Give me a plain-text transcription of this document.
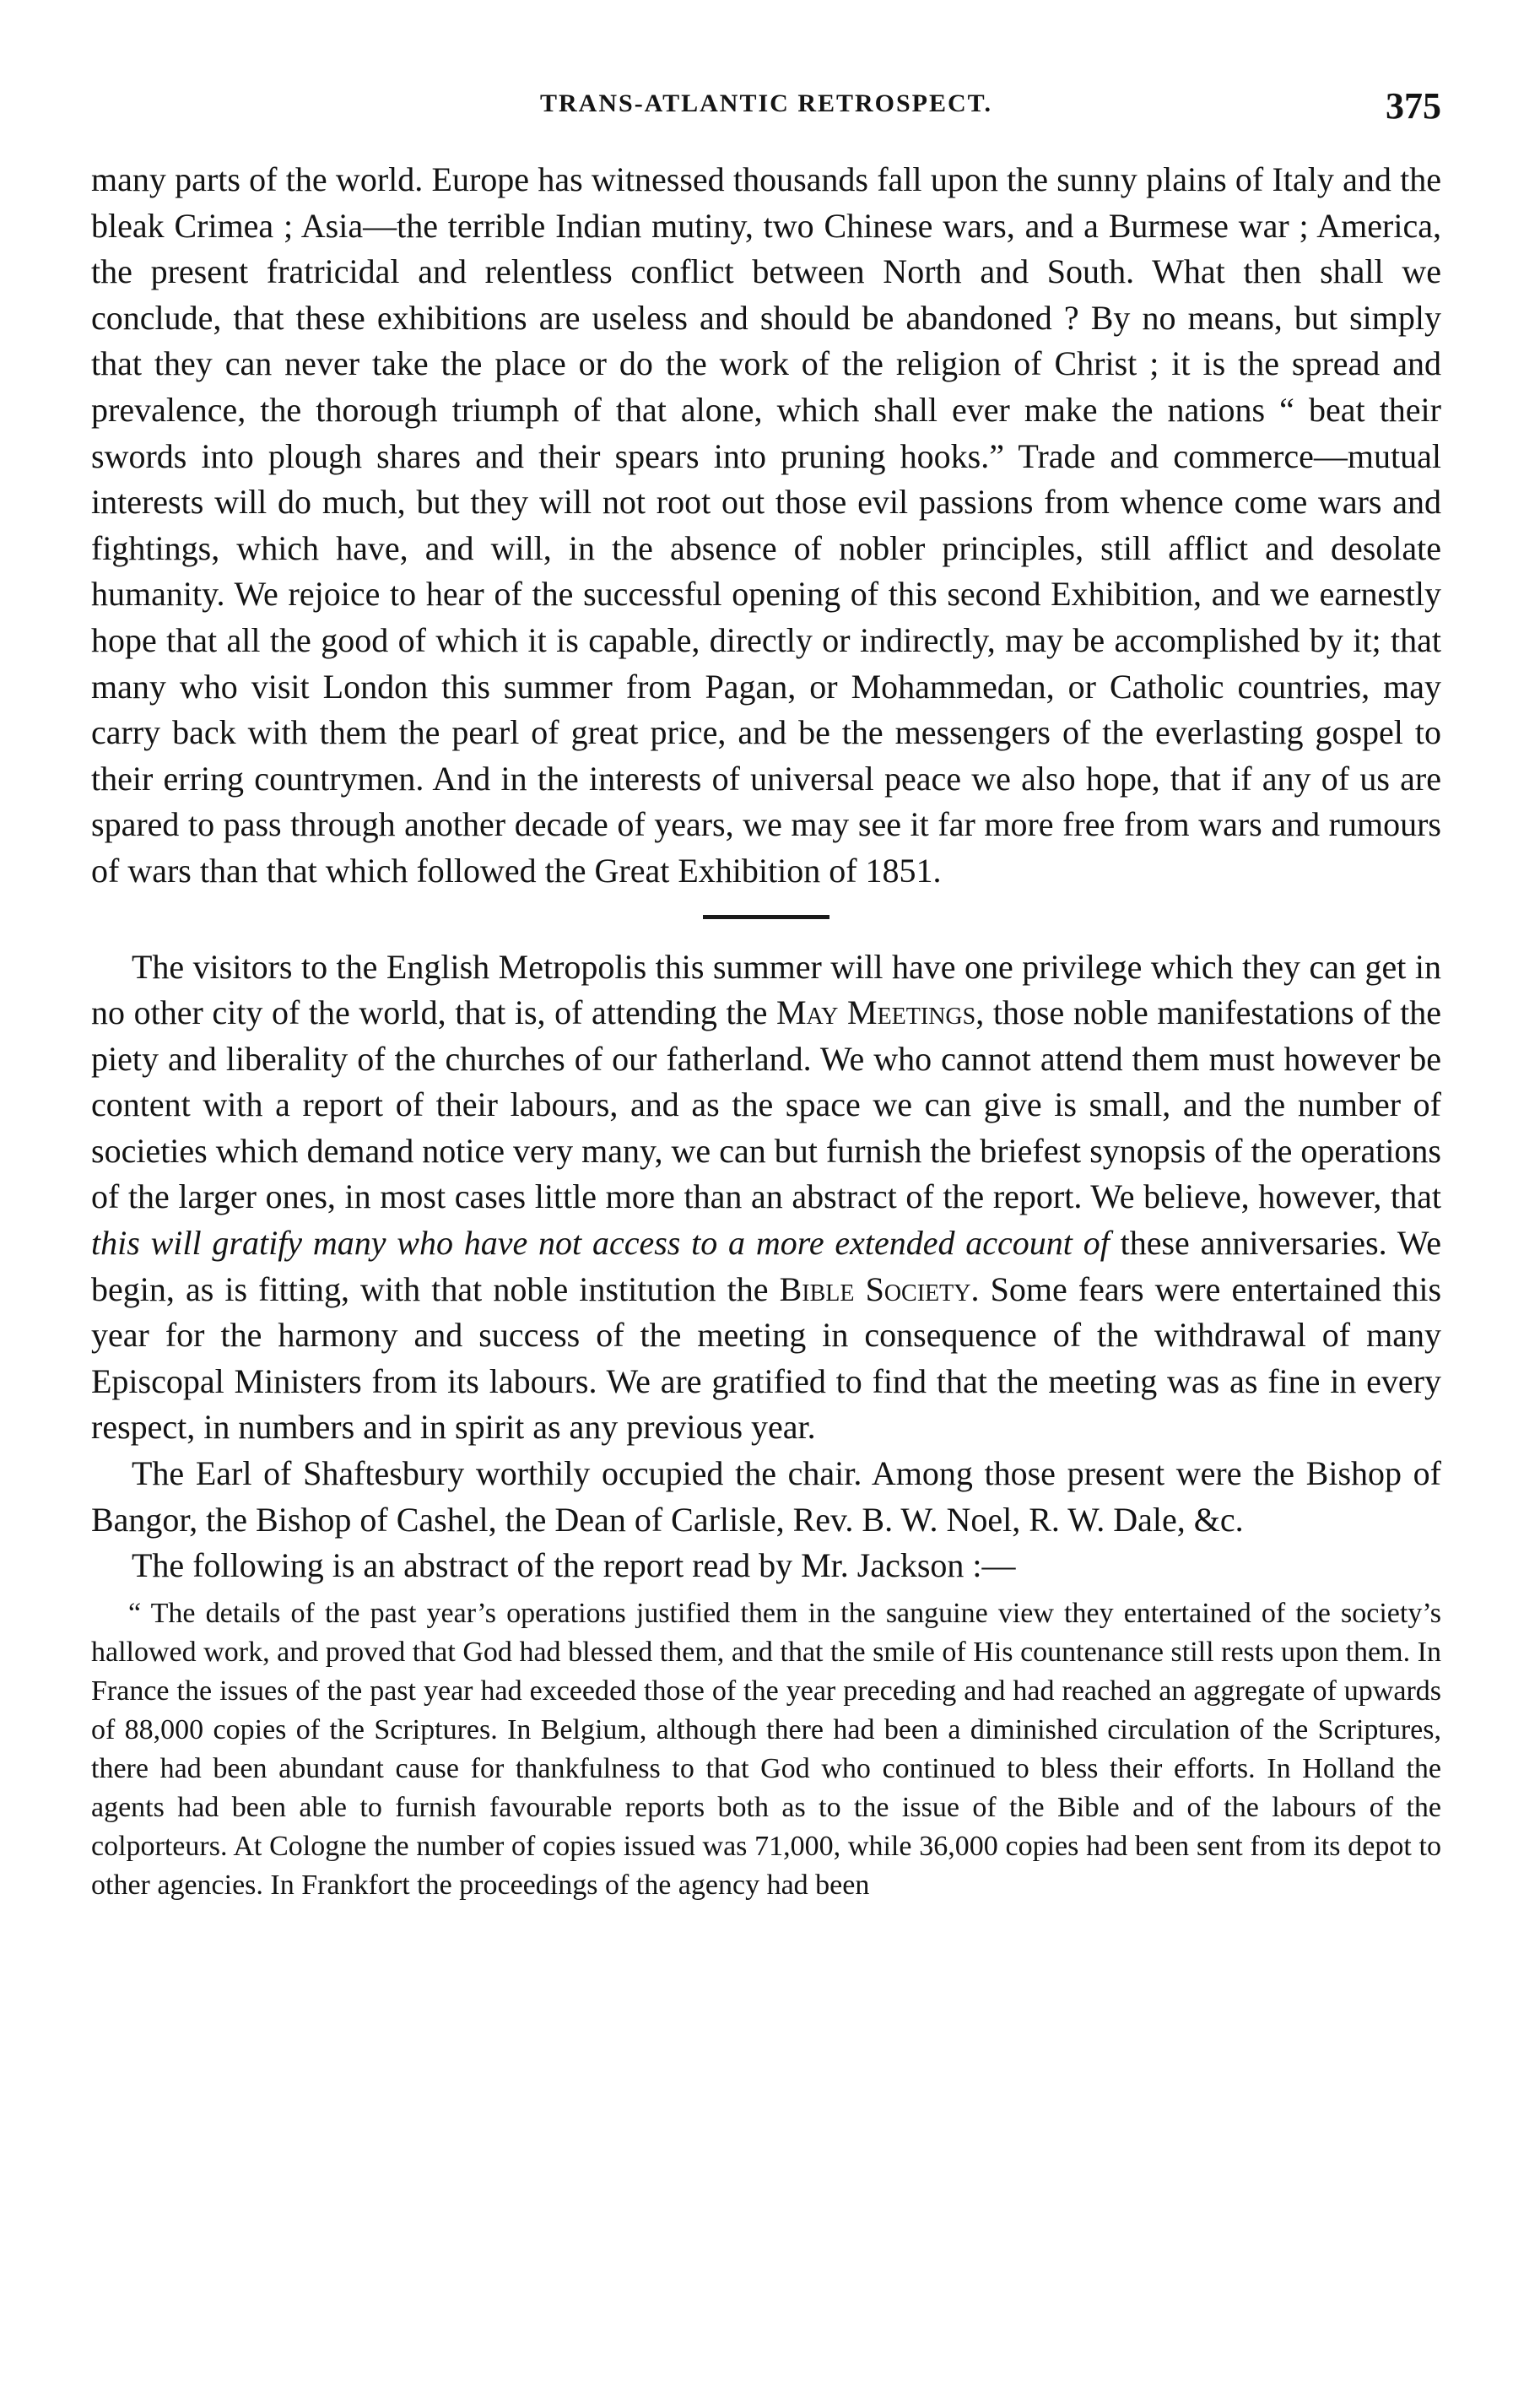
TRANS-ATLANTIC RETROSPECT.	375

many parts of the world. Europe has witnessed thousands fall upon the sunny plains of Italy and the bleak Crimea ; Asia—the terrible Indian mutiny, two Chinese wars, and a Burmese war ; America, the present fratricidal and relentless conflict between North and South. What then shall we conclude, that these exhibitions are useless and should be abandoned ? By no means, but simply that they can never take the place or do the work of the religion of Christ ; it is the spread and prevalence, the thorough triumph of that alone, which shall ever make the nations “ beat their swords into plough shares and their spears into pruning hooks.” Trade and commerce—mutual interests will do much, but they will not root out those evil passions from whence come wars and fightings, which have, and will, in the absence of nobler principles, still afflict and desolate humanity. We rejoice to hear of the successful opening of this second Exhibition, and we earnestly hope that all the good of which it is capable, directly or indirectly, may be accomplished by it; that many who visit London this summer from Pagan, or Mohammedan, or Catholic countries, may carry back with them the pearl of great price, and be the messengers of the everlasting gospel to their erring countrymen. And in the interests of universal peace we also hope, that if any of us are spared to pass through another decade of years, we may see it far more free from wars and rumours of wars than that which followed the Great Exhibition of 1851.

The visitors to the English Metropolis this summer will have one privilege which they can get in no other city of the world, that is, of attending the May Meetings, those noble manifestations of the piety and liberality of the churches of our fatherland. We who cannot attend them must however be content with a report of their labours, and as the space we can give is small, and the number of societies which demand notice very many, we can but furnish the briefest synopsis of the operations of the larger ones, in most cases little more than an abstract of the report. We believe, however, that this will gratify many who have not access to a more extended account of these anniversaries. We begin, as is fitting, with that noble institution the Bible Society. Some fears were entertained this year for the harmony and success of the meeting in consequence of the withdrawal of many Episcopal Ministers from its labours. We are gratified to find that the meeting was as fine in every respect, in numbers and in spirit as any previous year.

The Earl of Shaftesbury worthily occupied the chair. Among those present were the Bishop of Bangor, the Bishop of Cashel, the Dean of Carlisle, Rev. B. W. Noel, R. W. Dale, &c.

The following is an abstract of the report read by Mr. Jackson :—

“ The details of the past year’s operations justified them in the sanguine view they entertained of the society’s hallowed work, and proved that God had blessed them, and that the smile of His countenance still rests upon them. In France the issues of the past year had exceeded those of the year preceding and had reached an aggregate of upwards of 88,000 copies of the Scriptures. In Belgium, although there had been a diminished circulation of the Scriptures, there had been abundant cause for thankfulness to that God who continued to bless their efforts. In Holland the agents had been able to furnish favourable reports both as to the issue of the Bible and of the labours of the colporteurs. At Cologne the number of copies issued was 71,000, while 36,000 copies had been sent from its depot to other agencies. In Frankfort the proceedings of the agency had been
